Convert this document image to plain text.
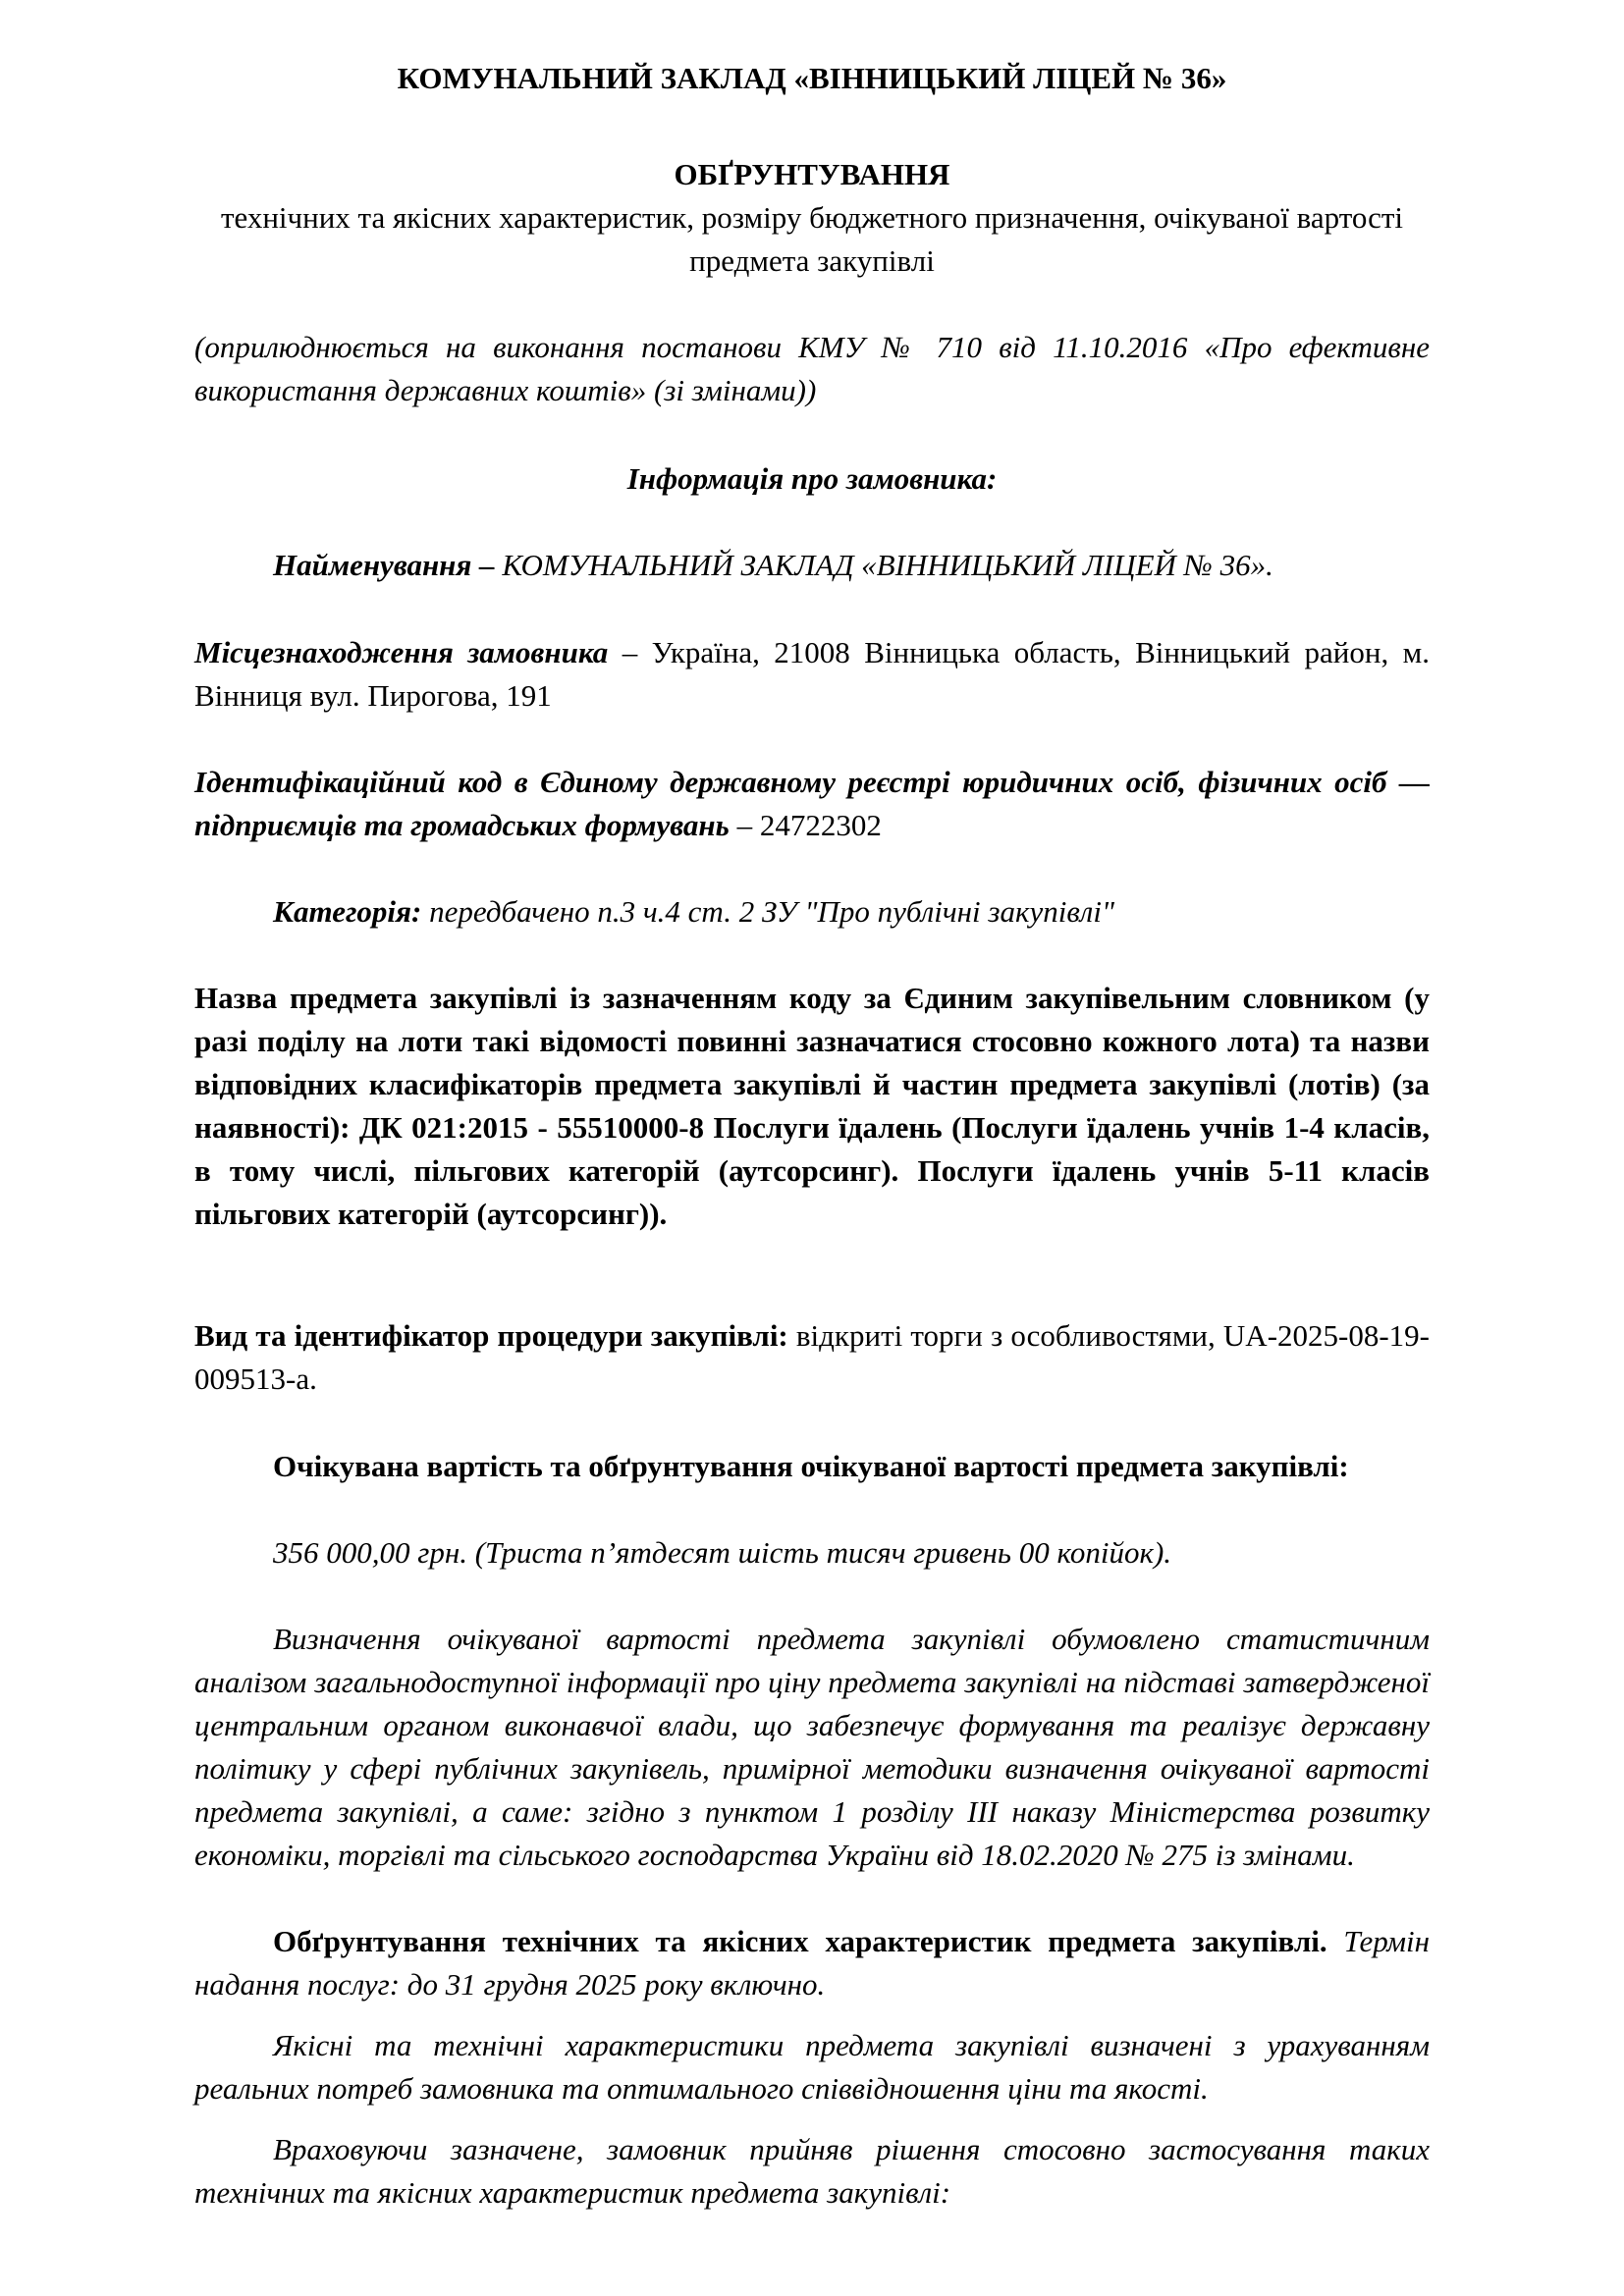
КОМУНАЛЬНИЙ ЗАКЛАД «ВІННИЦЬКИЙ ЛІЦЕЙ № 36»

ОБҐРУНТУВАННЯ

технічних та якісних характеристик, розміру бюджетного призначення, очікуваної вартості предмета закупівлі

(оприлюднюється на виконання постанови КМУ № 710 від 11.10.2016 «Про ефективне використання державних коштів» (зі змінами))

Інформація про замовника:

Найменування – КОМУНАЛЬНИЙ ЗАКЛАД «ВІННИЦЬКИЙ ЛІЦЕЙ № 36».

Місцезнаходження замовника – Україна, 21008 Вінницька область, Вінницький район, м. Вінниця вул. Пирогова, 191

Ідентифікаційний код в Єдиному державному реєстрі юридичних осіб, фізичних осіб — підприємців та громадських формувань – 24722302

Категорія: передбачено п.3 ч.4 ст. 2 ЗУ "Про публічні закупівлі"

Назва предмета закупівлі із зазначенням коду за Єдиним закупівельним словником (у разі поділу на лоти такі відомості повинні зазначатися стосовно кожного лота) та назви відповідних класифікаторів предмета закупівлі й частин предмета закупівлі (лотів) (за наявності): ДК 021:2015 - 55510000-8 Послуги їдалень (Послуги їдалень учнів 1-4 класів, в тому числі, пільгових категорій (аутсорсинг). Послуги їдалень учнів 5-11 класів пільгових категорій (аутсорсинг)).

Вид та ідентифікатор процедури закупівлі: відкриті торги з особливостями, UA-2025-08-19-009513-a.

Очікувана вартість та обґрунтування очікуваної вартості предмета закупівлі:

356 000,00 грн. (Триста п’ятдесят шість тисяч гривень 00 копійок).

Визначення очікуваної вартості предмета закупівлі обумовлено статистичним аналізом загальнодоступної інформації про ціну предмета закупівлі на підставі затвердженої центральним органом виконавчої влади, що забезпечує формування та реалізує державну політику у сфері публічних закупівель, примірної методики визначення очікуваної вартості предмета закупівлі, а саме: згідно з пунктом 1 розділу ІІІ наказу Міністерства розвитку економіки, торгівлі та сільського господарства України від 18.02.2020 № 275 із змінами.

Обґрунтування технічних та якісних характеристик предмета закупівлі. Термін надання послуг: до 31 грудня 2025 року включно.

Якісні та технічні характеристики предмета закупівлі визначені з урахуванням реальних потреб замовника та оптимального співвідношення ціни та якості.

Враховуючи зазначене, замовник прийняв рішення стосовно застосування таких технічних та якісних характеристик предмета закупівлі:
